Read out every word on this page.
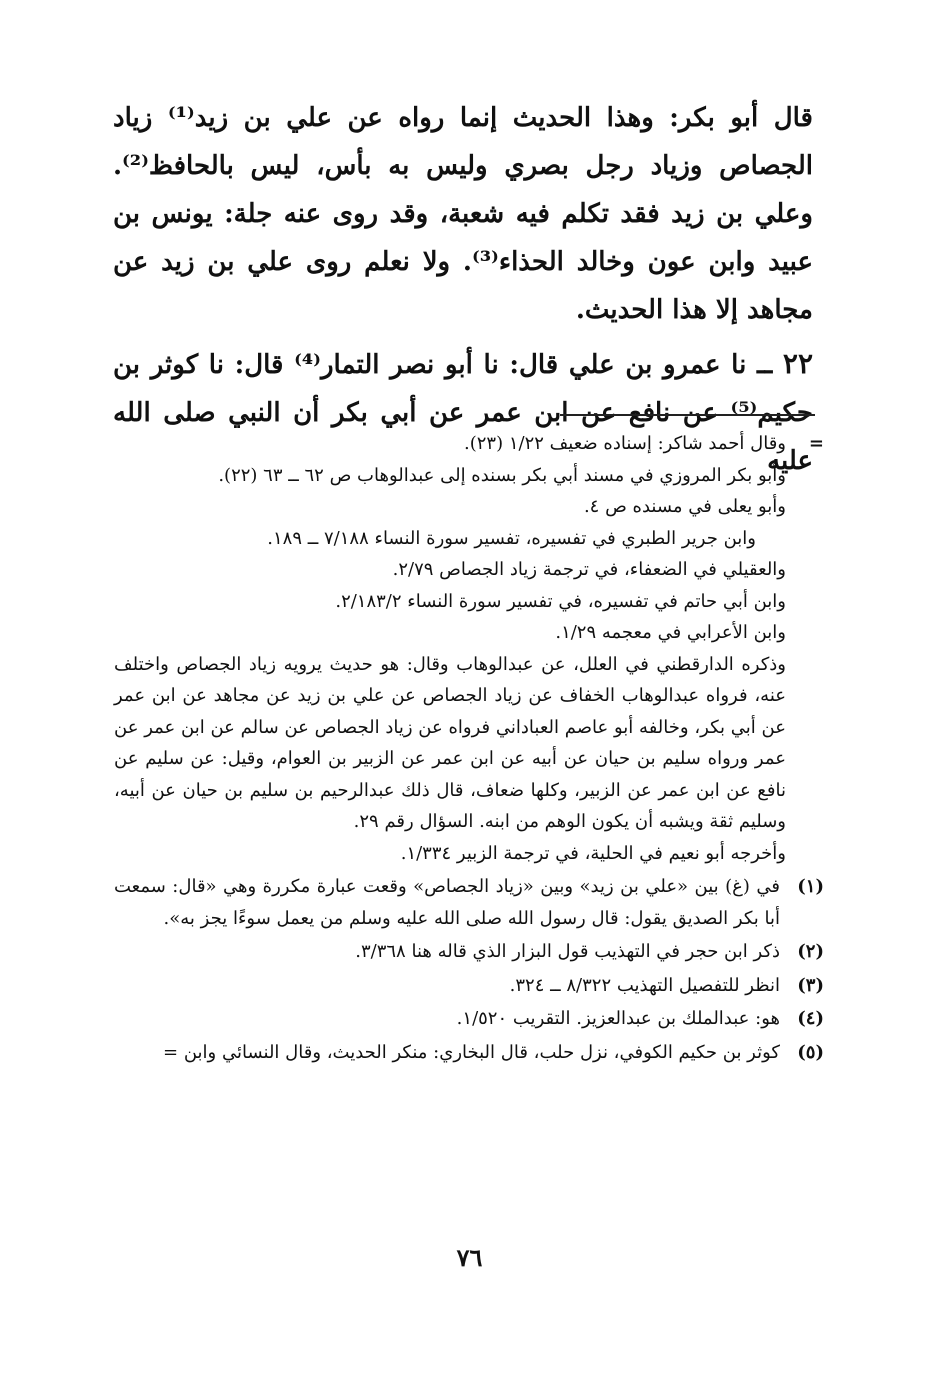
قال أبو بكر: وهذا الحديث إنما رواه عن علي بن زيد⁽¹⁾ زياد الجصاص وزياد رجل بصري وليس به بأس، ليس بالحافظ⁽²⁾. وعلي بن زيد فقد تكلم فيه شعبة، وقد روى عنه جلة: يونس بن عبيد وابن عون وخالد الحذاء⁽³⁾. ولا نعلم روى علي بن زيد عن مجاهد إلا هذا الحديث.

٢٢ ــ نا عمرو بن علي قال: نا أبو نصر التمار⁽⁴⁾ قال: نا كوثر بن حكيم⁽⁵⁾ عن نافع عن ابن عمر عن أبي بكر أن النبي صلى الله عليه

=
وقال أحمد شاكر: إسناده ضعيف ١/٢٢ (٢٣).
وأبو بكر المروزي في مسند أبي بكر بسنده إلى عبدالوهاب ص ٦٢ ــ ٦٣ (٢٢).
وأبو يعلى في مسنده ص ٤.
وابن جرير الطبري في تفسيره، تفسير سورة النساء ٧/١٨٨ ــ ١٨٩.
والعقيلي في الضعفاء، في ترجمة زياد الجصاص ٢/٧٩.
وابن أبي حاتم في تفسيره، في تفسير سورة النساء ٢/١٨٣/٢.
وابن الأعرابي في معجمه ١/٢٩.
وذكره الدارقطني في العلل، عن عبدالوهاب وقال: هو حديث يرويه زياد الجصاص واختلف عنه، فرواه عبدالوهاب الخفاف عن زياد الجصاص عن علي بن زيد عن مجاهد عن ابن عمر عن أبي بكر، وخالفه أبو عاصم العباداني فرواه عن زياد الجصاص عن سالم عن ابن عمر عن عمر ورواه سليم بن حيان عن أبيه عن ابن عمر عن الزبير بن العوام، وقيل: عن سليم عن نافع عن ابن عمر عن الزبير، وكلها ضعاف، قال ذلك عبدالرحيم بن سليم بن حيان عن أبيه، وسليم ثقة ويشبه أن يكون الوهم من ابنه. السؤال رقم ٢٩.
وأخرجه أبو نعيم في الحلية، في ترجمة الزبير ١/٣٣٤.
(١)
في (غ) بين «علي بن زيد» وبين «زياد الجصاص» وقعت عبارة مكررة وهي «قال: سمعت أبا بكر الصديق يقول: قال رسول الله صلى الله عليه وسلم من يعمل سوءًا يجز به».
(٢)
ذكر ابن حجر في التهذيب قول البزار الذي قاله هنا ٣/٣٦٨.
(٣)
انظر للتفصيل التهذيب ٨/٣٢٢ ــ ٣٢٤.
(٤)
هو: عبدالملك بن عبدالعزيز. التقريب ١/٥٢٠.
(٥)
كوثر بن حكيم الكوفي، نزل حلب، قال البخاري: منكر الحديث، وقال النسائي وابن =
٧٦
